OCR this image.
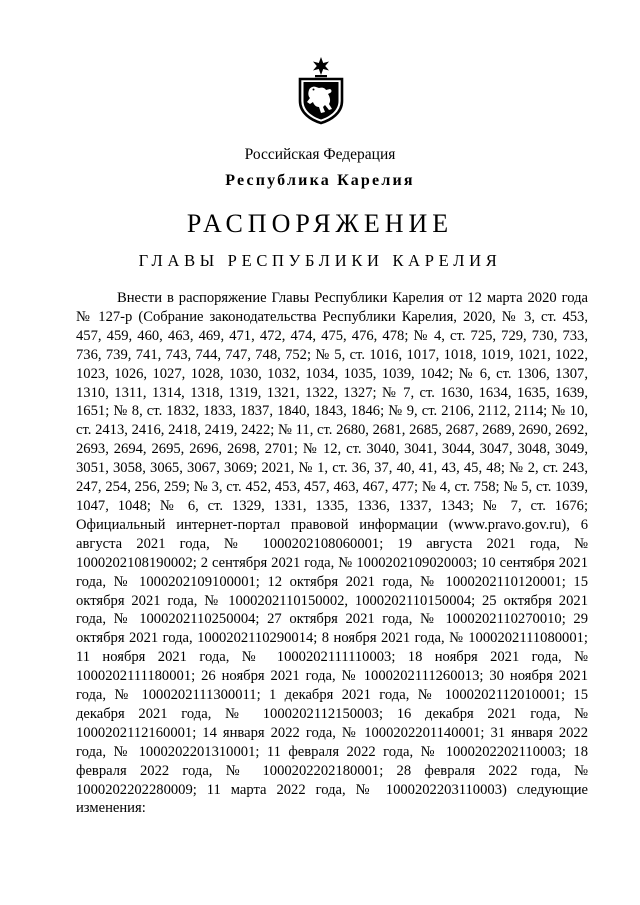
Российская Федерация
Республика Карелия
РАСПОРЯЖЕНИЕ
ГЛАВЫ РЕСПУБЛИКИ КАРЕЛИЯ

Внести в распоряжение Главы Республики Карелия от 12 марта 2020 года № 127-р (Собрание законодательства Республики Карелия, 2020, № 3, ст. 453, 457, 459, 460, 463, 469, 471, 472, 474, 475, 476, 478; № 4, ст. 725, 729, 730, 733, 736, 739, 741, 743, 744, 747, 748, 752; № 5, ст. 1016, 1017, 1018, 1019, 1021, 1022, 1023, 1026, 1027, 1028, 1030, 1032, 1034, 1035, 1039, 1042; № 6, ст. 1306, 1307, 1310, 1311, 1314, 1318, 1319, 1321, 1322, 1327; № 7, ст. 1630, 1634, 1635, 1639, 1651; № 8, ст. 1832, 1833, 1837, 1840, 1843, 1846; № 9, ст. 2106, 2112, 2114; № 10, ст. 2413, 2416, 2418, 2419, 2422; № 11, ст. 2680, 2681, 2685, 2687, 2689, 2690, 2692, 2693, 2694, 2695, 2696, 2698, 2701; № 12, ст. 3040, 3041, 3044, 3047, 3048, 3049, 3051, 3058, 3065, 3067, 3069; 2021, № 1, ст. 36, 37, 40, 41, 43, 45, 48; № 2, ст. 243, 247, 254, 256, 259; № 3, ст. 452, 453, 457, 463, 467, 477; № 4, ст. 758; № 5, ст. 1039, 1047, 1048; № 6, ст. 1329, 1331, 1335, 1336, 1337, 1343; № 7, ст. 1676; Официальный интернет-портал правовой информации (www.pravo.gov.ru), 6 августа 2021 года, № 1000202108060001; 19 августа 2021 года, № 1000202108190002; 2 сентября 2021 года, № 1000202109020003; 10 сентября 2021 года, № 1000202109100001; 12 октября 2021 года, № 1000202110120001; 15 октября 2021 года, № 1000202110150002, 1000202110150004; 25 октября 2021 года, № 1000202110250004; 27 октября 2021 года, № 1000202110270010; 29 октября 2021 года, 1000202110290014; 8 ноября 2021 года, № 1000202111080001; 11 ноября 2021 года, № 1000202111110003; 18 ноября 2021 года, № 1000202111180001; 26 ноября 2021 года, № 1000202111260013; 30 ноября 2021 года, № 1000202111300011; 1 декабря 2021 года, № 1000202112010001; 15 декабря 2021 года, № 1000202112150003; 16 декабря 2021 года, № 1000202112160001; 14 января 2022 года, № 1000202201140001; 31 января 2022 года, № 1000202201310001; 11 февраля 2022 года, № 1000202202110003; 18 февраля 2022 года, № 1000202202180001; 28 февраля 2022 года, № 1000202202280009; 11 марта 2022 года, № 1000202203110003) следующие изменения:
